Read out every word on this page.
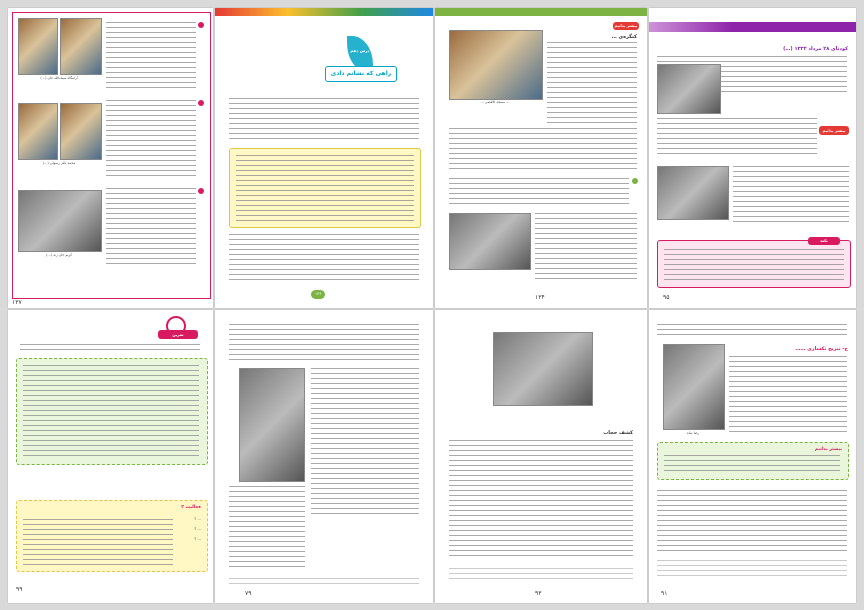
آرامگاه سیف‌الله خان (…)
محمد باقر رسولی (…)
کریم خان زند (…)
۱۳۷
درس دهم
راهی که نشانم دادی
۱۳۶
… مسجد الاقصی …
بیشتر بدانیم
کنگره‌ی …
۱۳۴
کودتای ۲۸ مرداد ۱۳۳۲ (…)
بیشتر بدانیم
نکته
۹۵
تمرین
فعالیت ۲
… ؟
… ؟
… ؟
۹۹
۷۹
کشف حجاب
۹۳
رضا شاه
ج- تبریج تکسازی ……
بیشتر بدانیم
۹۱
